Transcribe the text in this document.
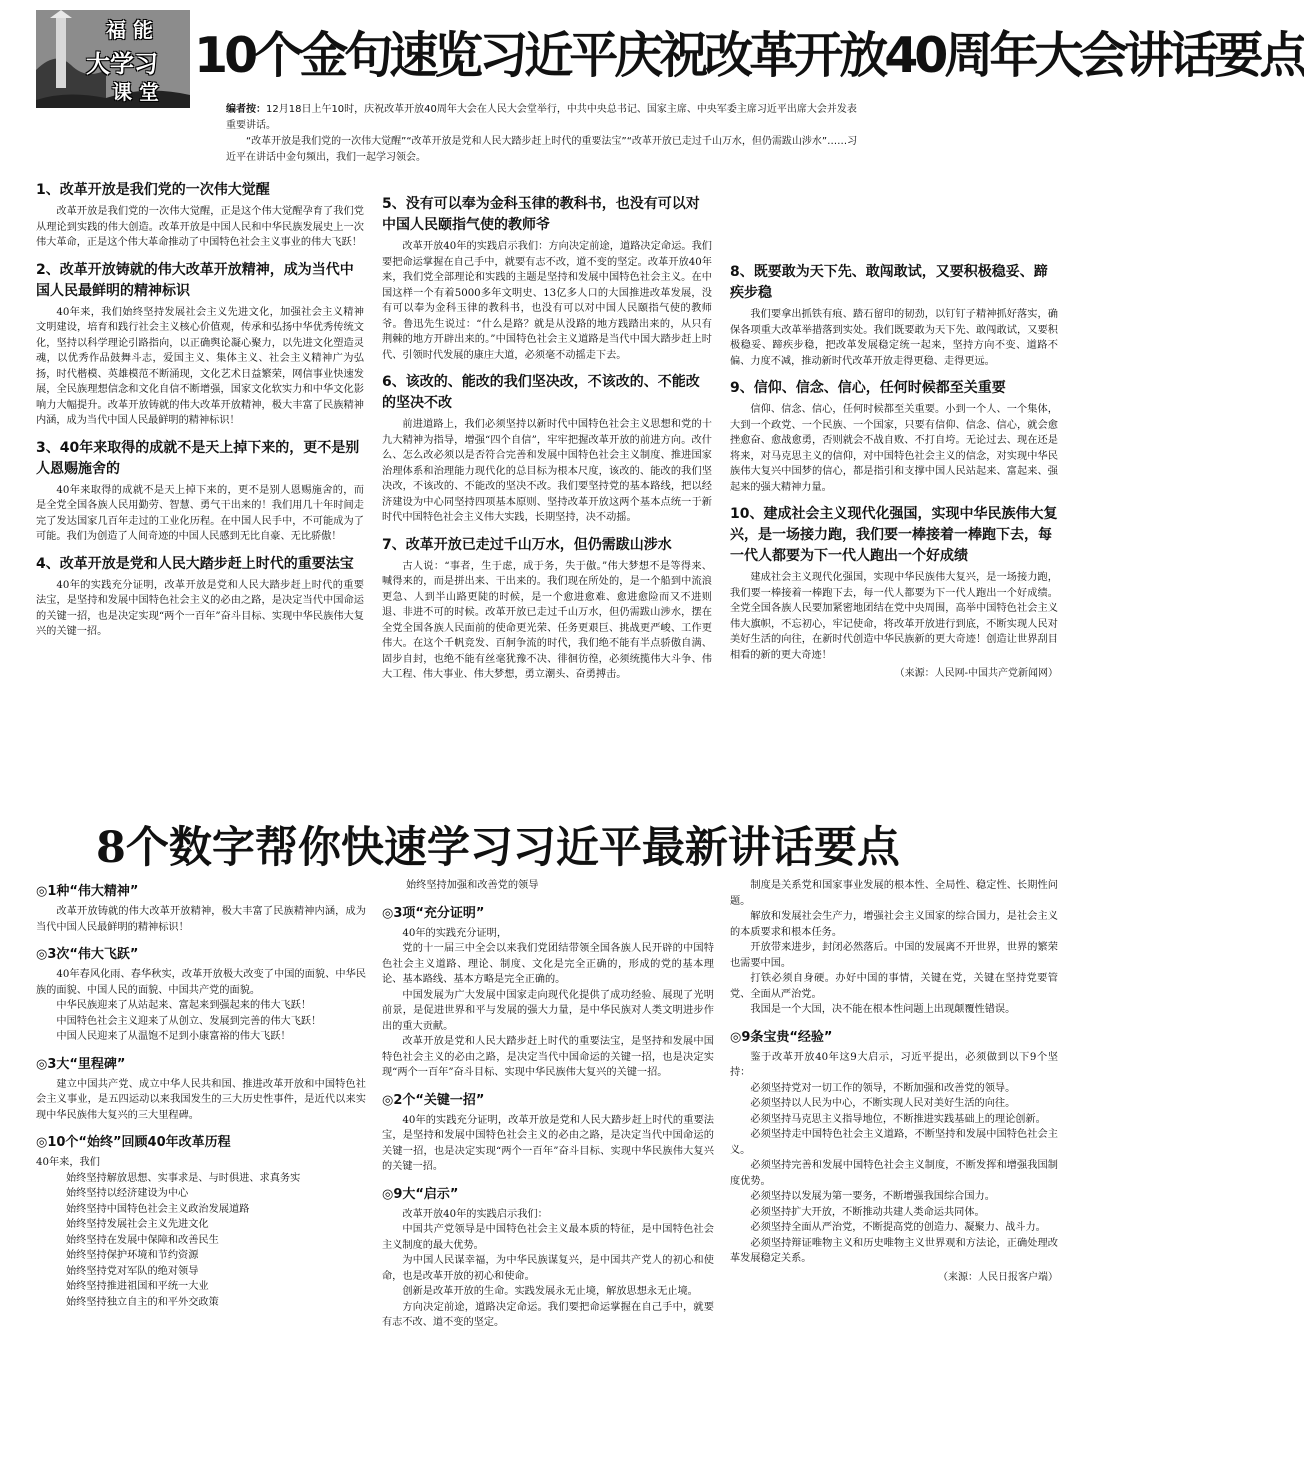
福 能
大学习
课 堂
10个金句速览习近平庆祝改革开放40周年大会讲话要点

编者按：12月18日上午10时，庆祝改革开放40周年大会在人民大会堂举行，中共中央总书记、国家主席、中央军委主席习近平出席大会并发表重要讲话。

“改革开放是我们党的一次伟大觉醒”“改革开放是党和人民大踏步赶上时代的重要法宝”“改革开放已走过千山万水，但仍需跋山涉水”……习近平在讲话中金句频出，我们一起学习领会。

1、改革开放是我们党的一次伟大觉醒

改革开放是我们党的一次伟大觉醒，正是这个伟大觉醒孕育了我们党从理论到实践的伟大创造。改革开放是中国人民和中华民族发展史上一次伟大革命，正是这个伟大革命推动了中国特色社会主义事业的伟大飞跃！

2、改革开放铸就的伟大改革开放精神，成为当代中国人民最鲜明的精神标识

40年来，我们始终坚持发展社会主义先进文化，加强社会主义精神文明建设，培育和践行社会主义核心价值观，传承和弘扬中华优秀传统文化，坚持以科学理论引路指向，以正确舆论凝心聚力，以先进文化塑造灵魂，以优秀作品鼓舞斗志，爱国主义、集体主义、社会主义精神广为弘扬，时代楷模、英雄模范不断涌现，文化艺术日益繁荣，网信事业快速发展，全民族理想信念和文化自信不断增强，国家文化软实力和中华文化影响力大幅提升。改革开放铸就的伟大改革开放精神，极大丰富了民族精神内涵，成为当代中国人民最鲜明的精神标识！

3、40年来取得的成就不是天上掉下来的，更不是别人恩赐施舍的

40年来取得的成就不是天上掉下来的，更不是别人恩赐施舍的，而是全党全国各族人民用勤劳、智慧、勇气干出来的！我们用几十年时间走完了发达国家几百年走过的工业化历程。在中国人民手中，不可能成为了可能。我们为创造了人间奇迹的中国人民感到无比自豪、无比骄傲！

4、改革开放是党和人民大踏步赶上时代的重要法宝

40年的实践充分证明，改革开放是党和人民大踏步赶上时代的重要法宝，是坚持和发展中国特色社会主义的必由之路，是决定当代中国命运的关键一招，也是决定实现“两个一百年”奋斗目标、实现中华民族伟大复兴的关键一招。

5、没有可以奉为金科玉律的教科书，也没有可以对中国人民颐指气使的教师爷

改革开放40年的实践启示我们：方向决定前途，道路决定命运。我们要把命运掌握在自己手中，就要有志不改，道不变的坚定。改革开放40年来，我们党全部理论和实践的主题是坚持和发展中国特色社会主义。在中国这样一个有着5000多年文明史、13亿多人口的大国推进改革发展，没有可以奉为金科玉律的教科书，也没有可以对中国人民颐指气使的教师爷。鲁迅先生说过：“什么是路？就是从没路的地方践踏出来的，从只有荆棘的地方开辟出来的。”中国特色社会主义道路是当代中国大踏步赶上时代、引领时代发展的康庄大道，必须毫不动摇走下去。

6、该改的、能改的我们坚决改，不该改的、不能改的坚决不改

前进道路上，我们必须坚持以新时代中国特色社会主义思想和党的十九大精神为指导，增强“四个自信”，牢牢把握改革开放的前进方向。改什么、怎么改必须以是否符合完善和发展中国特色社会主义制度、推进国家治理体系和治理能力现代化的总目标为根本尺度，该改的、能改的我们坚决改，不该改的、不能改的坚决不改。我们要坚持党的基本路线，把以经济建设为中心同坚持四项基本原则、坚持改革开放这两个基本点统一于新时代中国特色社会主义伟大实践，长期坚持，决不动摇。

7、改革开放已走过千山万水，但仍需跋山涉水

古人说：“事者，生于虑，成于务，失于傲。”伟大梦想不是等得来、喊得来的，而是拼出来、干出来的。我们现在所处的，是一个船到中流浪更急、人到半山路更陡的时候，是一个愈进愈难、愈进愈险而又不进则退、非进不可的时候。改革开放已走过千山万水，但仍需跋山涉水，摆在全党全国各族人民面前的使命更光荣、任务更艰巨、挑战更严峻、工作更伟大。在这个千帆竞发、百舸争流的时代，我们绝不能有半点骄傲自满、固步自封，也绝不能有丝毫犹豫不决、徘徊彷徨，必须统揽伟大斗争、伟大工程、伟大事业、伟大梦想，勇立潮头、奋勇搏击。

8、既要敢为天下先、敢闯敢试，又要积极稳妥、蹄疾步稳

我们要拿出抓铁有痕、踏石留印的韧劲，以钉钉子精神抓好落实，确保各项重大改革举措落到实处。我们既要敢为天下先、敢闯敢试，又要积极稳妥、蹄疾步稳，把改革发展稳定统一起来，坚持方向不变、道路不偏、力度不减，推动新时代改革开放走得更稳、走得更远。

9、信仰、信念、信心，任何时候都至关重要

信仰、信念、信心，任何时候都至关重要。小到一个人、一个集体，大到一个政党、一个民族、一个国家，只要有信仰、信念、信心，就会愈挫愈奋、愈战愈勇，否则就会不战自败、不打自垮。无论过去、现在还是将来，对马克思主义的信仰，对中国特色社会主义的信念，对实现中华民族伟大复兴中国梦的信心，都是指引和支撑中国人民站起来、富起来、强起来的强大精神力量。

10、建成社会主义现代化强国，实现中华民族伟大复兴，是一场接力跑，我们要一棒接着一棒跑下去，每一代人都要为下一代人跑出一个好成绩

建成社会主义现代化强国，实现中华民族伟大复兴，是一场接力跑，我们要一棒接着一棒跑下去，每一代人都要为下一代人跑出一个好成绩。全党全国各族人民要加紧密地团结在党中央周围，高举中国特色社会主义伟大旗帜，不忘初心，牢记使命，将改革开放进行到底，不断实现人民对美好生活的向往，在新时代创造中华民族新的更大奇迹！创造让世界刮目相看的新的更大奇迹！

（来源：人民网-中国共产党新闻网）
8个数字帮你快速学习习近平最新讲话要点
◎1种“伟大精神”

改革开放铸就的伟大改革开放精神，极大丰富了民族精神内涵，成为当代中国人民最鲜明的精神标识！

◎3次“伟大飞跃”

40年春风化雨、春华秋实，改革开放极大改变了中国的面貌、中华民族的面貌、中国人民的面貌、中国共产党的面貌。

中华民族迎来了从站起来、富起来到强起来的伟大飞跃！

中国特色社会主义迎来了从创立、发展到完善的伟大飞跃！

中国人民迎来了从温饱不足到小康富裕的伟大飞跃！

◎3大“里程碑”

建立中国共产党、成立中华人民共和国、推进改革开放和中国特色社会主义事业，是五四运动以来我国发生的三大历史性事件，是近代以来实现中华民族伟大复兴的三大里程碑。

◎10个“始终”回顾40年改革历程

40年来，我们

始终坚持解放思想、实事求是、与时俱进、求真务实
始终坚持以经济建设为中心
始终坚持中国特色社会主义政治发展道路
始终坚持发展社会主义先进文化
始终坚持在发展中保障和改善民生
始终坚持保护环境和节约资源
始终坚持党对军队的绝对领导
始终坚持推进祖国和平统一大业
始终坚持独立自主的和平外交政策
始终坚持加强和改善党的领导
◎3项“充分证明”

40年的实践充分证明，

党的十一届三中全会以来我们党团结带领全国各族人民开辟的中国特色社会主义道路、理论、制度、文化是完全正确的，形成的党的基本理论、基本路线、基本方略是完全正确的。

中国发展为广大发展中国家走向现代化提供了成功经验、展现了光明前景，是促进世界和平与发展的强大力量，是中华民族对人类文明进步作出的重大贡献。

改革开放是党和人民大踏步赶上时代的重要法宝，是坚持和发展中国特色社会主义的必由之路，是决定当代中国命运的关键一招，也是决定实现“两个一百年”奋斗目标、实现中华民族伟大复兴的关键一招。

◎2个“关键一招”

40年的实践充分证明，改革开放是党和人民大踏步赶上时代的重要法宝，是坚持和发展中国特色社会主义的必由之路，是决定当代中国命运的关键一招，也是决定实现“两个一百年”奋斗目标、实现中华民族伟大复兴的关键一招。

◎9大“启示”

改革开放40年的实践启示我们：

中国共产党领导是中国特色社会主义最本质的特征，是中国特色社会主义制度的最大优势。

为中国人民谋幸福，为中华民族谋复兴，是中国共产党人的初心和使命，也是改革开放的初心和使命。

创新是改革开放的生命。实践发展永无止境，解放思想永无止境。

方向决定前途，道路决定命运。我们要把命运掌握在自己手中，就要有志不改、道不变的坚定。

制度是关系党和国家事业发展的根本性、全局性、稳定性、长期性问题。

解放和发展社会生产力，增强社会主义国家的综合国力，是社会主义的本质要求和根本任务。

开放带来进步，封闭必然落后。中国的发展离不开世界，世界的繁荣也需要中国。

打铁必须自身硬。办好中国的事情，关键在党，关键在坚持党要管党、全面从严治党。

我国是一个大国，决不能在根本性问题上出现颠覆性错误。

◎9条宝贵“经验”

鉴于改革开放40年这9大启示，习近平提出，必须做到以下9个坚持：

必须坚持党对一切工作的领导，不断加强和改善党的领导。

必须坚持以人民为中心，不断实现人民对美好生活的向往。

必须坚持马克思主义指导地位，不断推进实践基础上的理论创新。

必须坚持走中国特色社会主义道路，不断坚持和发展中国特色社会主义。

必须坚持完善和发展中国特色社会主义制度，不断发挥和增强我国制度优势。

必须坚持以发展为第一要务，不断增强我国综合国力。

必须坚持扩大开放，不断推动共建人类命运共同体。

必须坚持全面从严治党，不断提高党的创造力、凝聚力、战斗力。

必须坚持辩证唯物主义和历史唯物主义世界观和方法论，正确处理改革发展稳定关系。

（来源：人民日报客户端）
